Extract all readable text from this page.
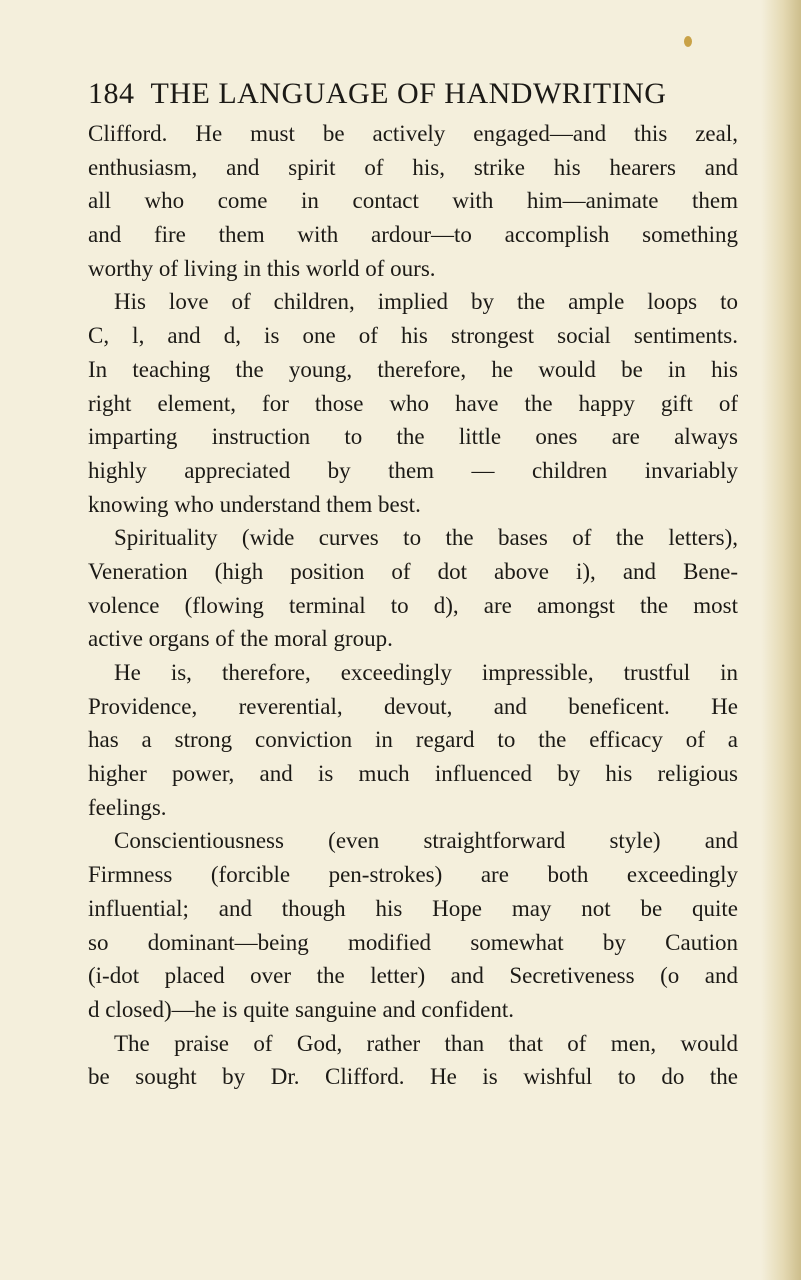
184 THE LANGUAGE OF HANDWRITING
Clifford. He must be actively engaged—and this zeal,
enthusiasm, and spirit of his, strike his hearers and
all who come in contact with him—animate them
and fire them with ardour—to accomplish something
worthy of living in this world of ours.
His love of children, implied by the ample loops to
C, l, and d, is one of his strongest social sentiments.
In teaching the young, therefore, he would be in his
right element, for those who have the happy gift of
imparting instruction to the little ones are always
highly appreciated by them — children invariably
knowing who understand them best.
Spirituality (wide curves to the bases of the letters),
Veneration (high position of dot above i), and Bene-
volence (flowing terminal to d), are amongst the most
active organs of the moral group.
He is, therefore, exceedingly impressible, trustful in
Providence, reverential, devout, and beneficent. He
has a strong conviction in regard to the efficacy of a
higher power, and is much influenced by his religious
feelings.
Conscientiousness (even straightforward style) and
Firmness (forcible pen-strokes) are both exceedingly
influential; and though his Hope may not be quite
so dominant—being modified somewhat by Caution
(i-dot placed over the letter) and Secretiveness (o and
d closed)—he is quite sanguine and confident.
The praise of God, rather than that of men, would
be sought by Dr. Clifford. He is wishful to do the
